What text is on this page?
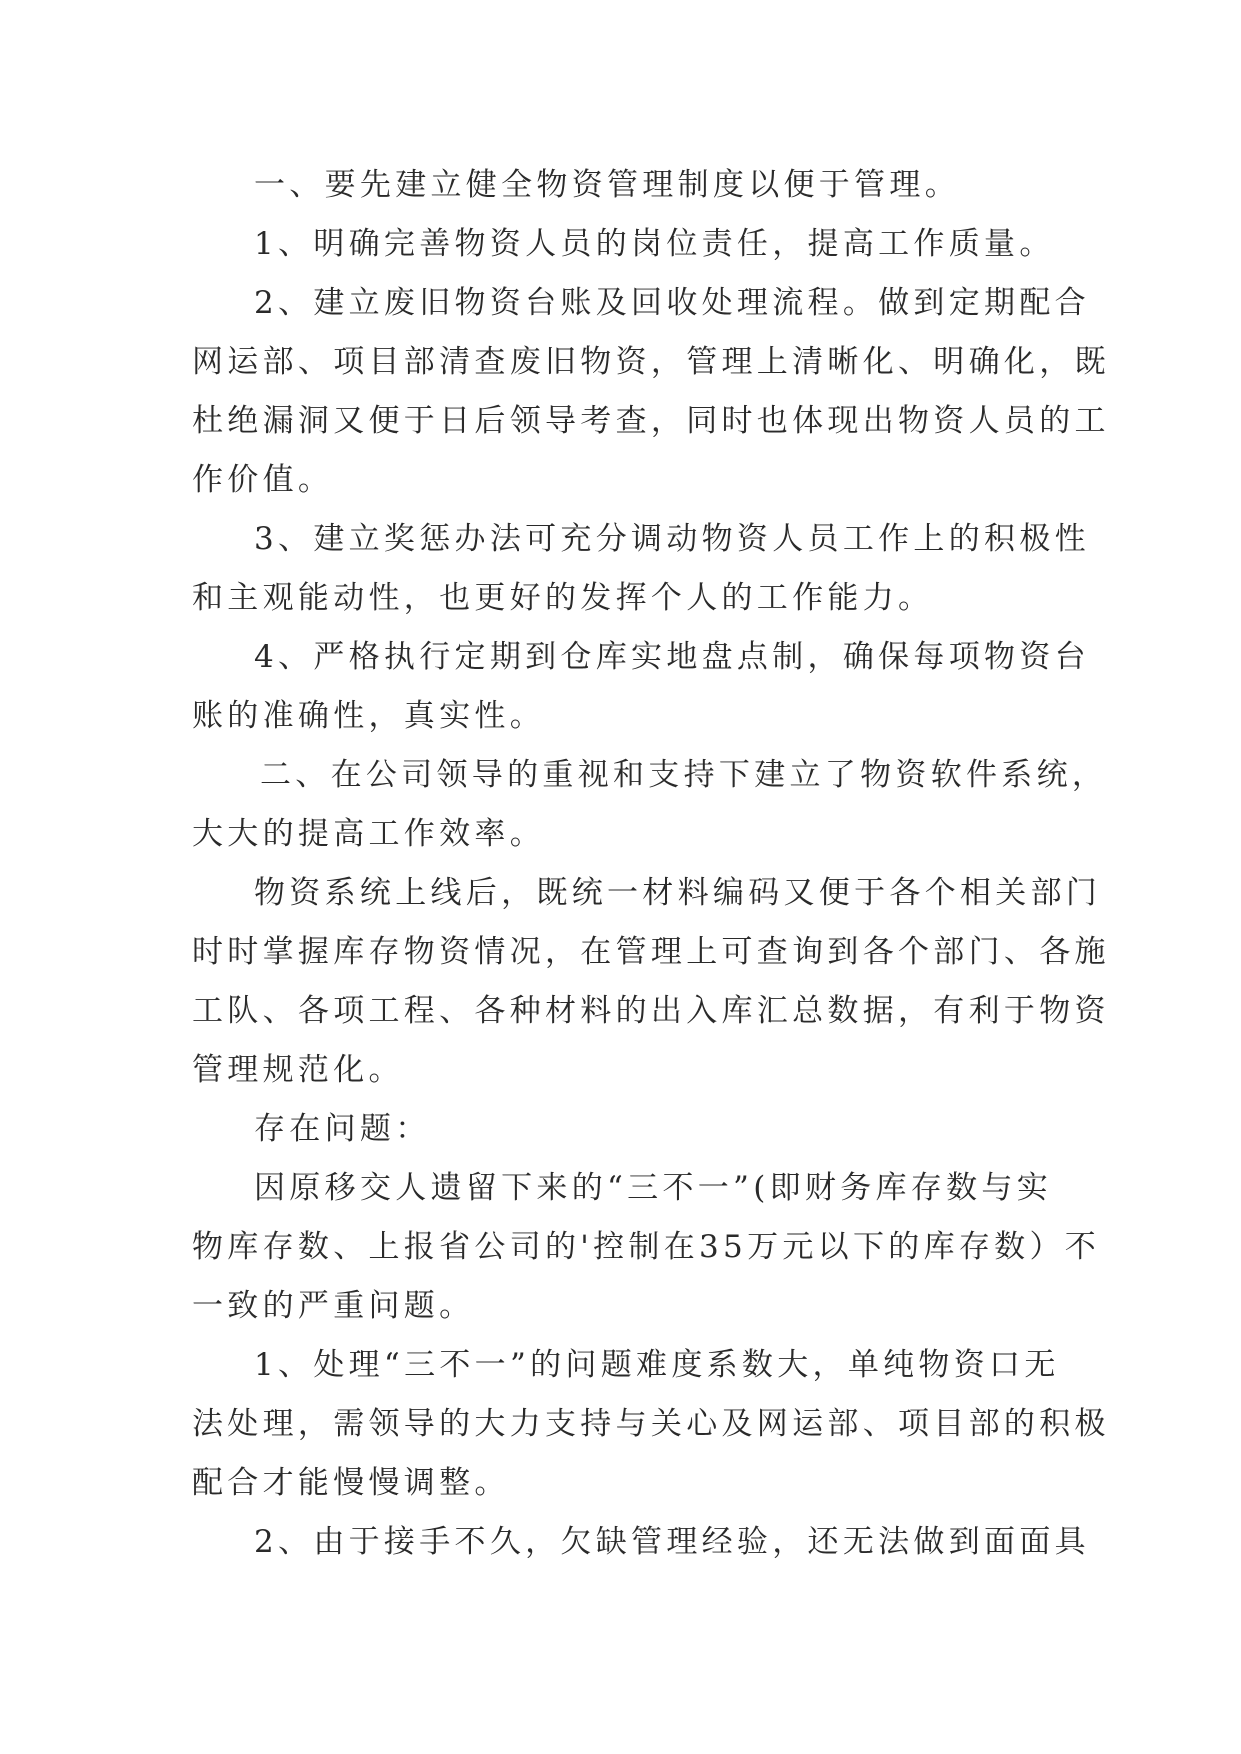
一、要先建立健全物资管理制度以便于管理。
1、明确完善物资人员的岗位责任，提高工作质量。
2、建立废旧物资台账及回收处理流程。做到定期配合
网运部、项目部清查废旧物资，管理上清晰化、明确化，既
杜绝漏洞又便于日后领导考查，同时也体现出物资人员的工
作价值。
3、建立奖惩办法可充分调动物资人员工作上的积极性
和主观能动性，也更好的发挥个人的工作能力。
4、严格执行定期到仓库实地盘点制，确保每项物资台
账的准确性，真实性。
二、在公司领导的重视和支持下建立了物资软件系统，
大大的提高工作效率。
物资系统上线后，既统一材料编码又便于各个相关部门
时时掌握库存物资情况，在管理上可查询到各个部门、各施
工队、各项工程、各种材料的出入库汇总数据，有利于物资
管理规范化。
存在问题：
因原移交人遗留下来的“三不一”(即财务库存数与实
物库存数、上报省公司的'控制在35万元以下的库存数）不
一致的严重问题。
1、处理“三不一”的问题难度系数大，单纯物资口无
法处理，需领导的大力支持与关心及网运部、项目部的积极
配合才能慢慢调整。
2、由于接手不久，欠缺管理经验，还无法做到面面具
